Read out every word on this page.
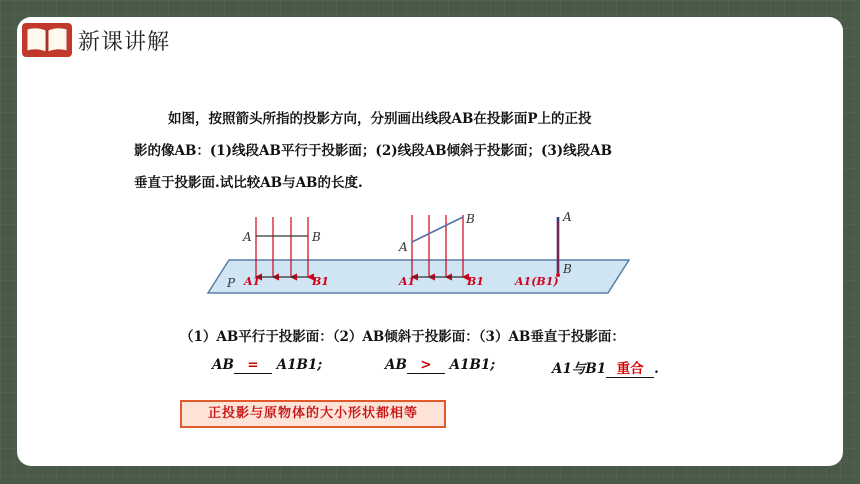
新课讲解

如图，按照箭头所指的投影方向，分别画出线段AB在投影面P上的正投

影的像AB：(1)线段AB平行于投影面；(2)线段AB倾斜于投影面；(3)线段AB

垂直于投影面.试比较AB与AB的长度.

P
A	B
A1	B1
A
B
A1	B1
A
B
A1(B1)
（1）AB平行于投影面：（2）AB倾斜于投影面：（3）AB垂直于投影面：
AB = A1B1;	AB > A1B1;	A1与B1 重合 .
正投影与原物体的大小形状都相等
